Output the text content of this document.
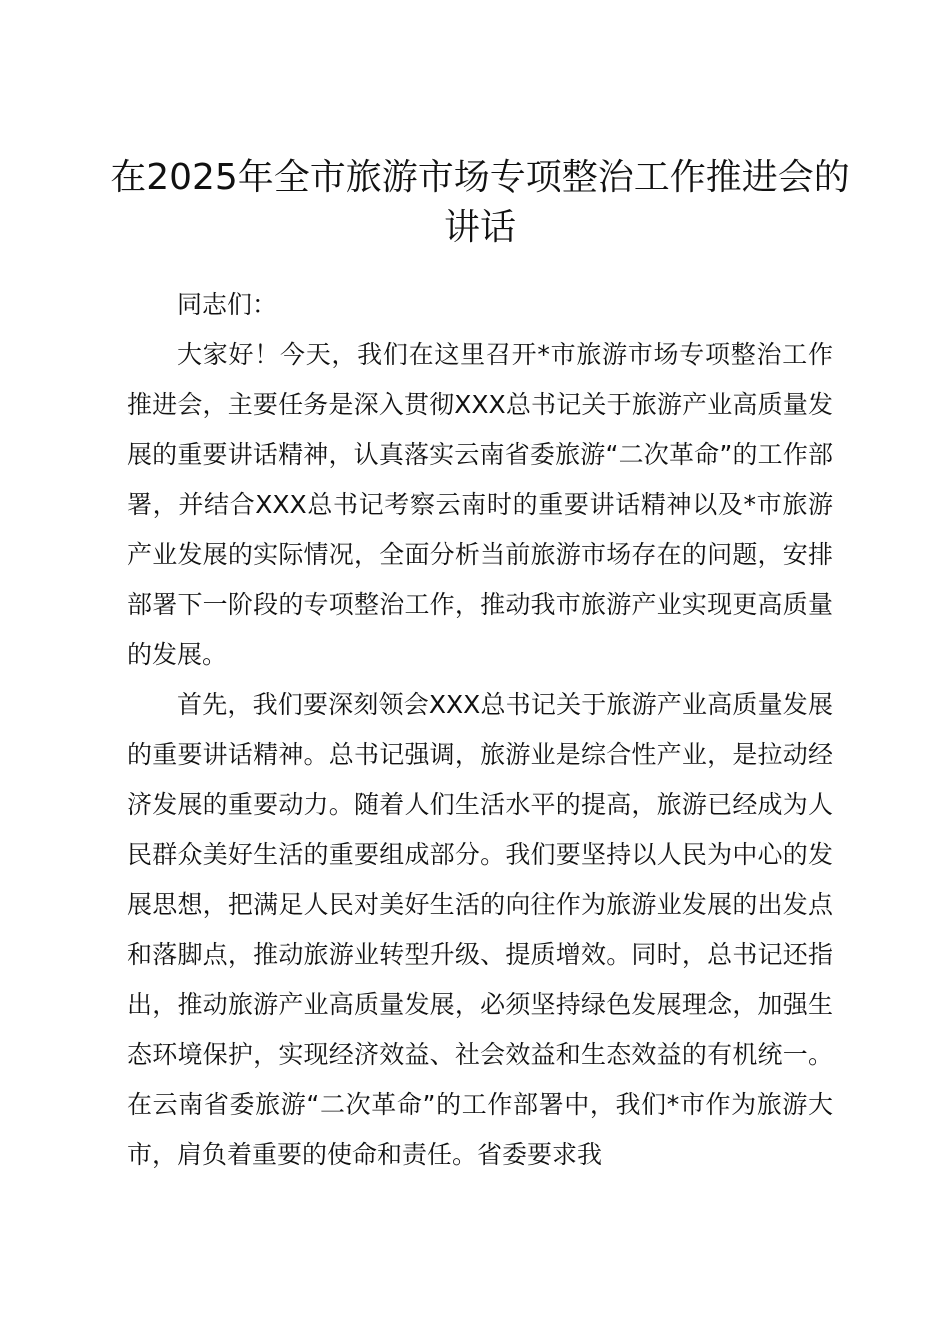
在2025年全市旅游市场专项整治工作推进会的讲话

同志们：

大家好！今天，我们在这里召开*市旅游市场专项整治工作推进会，主要任务是深入贯彻XXX总书记关于旅游产业高质量发展的重要讲话精神，认真落实云南省委旅游“二次革命”的工作部署，并结合XXX总书记考察云南时的重要讲话精神以及*市旅游产业发展的实际情况，全面分析当前旅游市场存在的问题，安排部署下一阶段的专项整治工作，推动我市旅游产业实现更高质量的发展。

首先，我们要深刻领会XXX总书记关于旅游产业高质量发展的重要讲话精神。总书记强调，旅游业是综合性产业，是拉动经济发展的重要动力。随着人们生活水平的提高，旅游已经成为人民群众美好生活的重要组成部分。我们要坚持以人民为中心的发展思想，把满足人民对美好生活的向往作为旅游业发展的出发点和落脚点，推动旅游业转型升级、提质增效。同时，总书记还指出，推动旅游产业高质量发展，必须坚持绿色发展理念，加强生态环境保护，实现经济效益、社会效益和生态效益的有机统一。在云南省委旅游“二次革命”的工作部署中，我们*市作为旅游大市，肩负着重要的使命和责任。省委要求我
